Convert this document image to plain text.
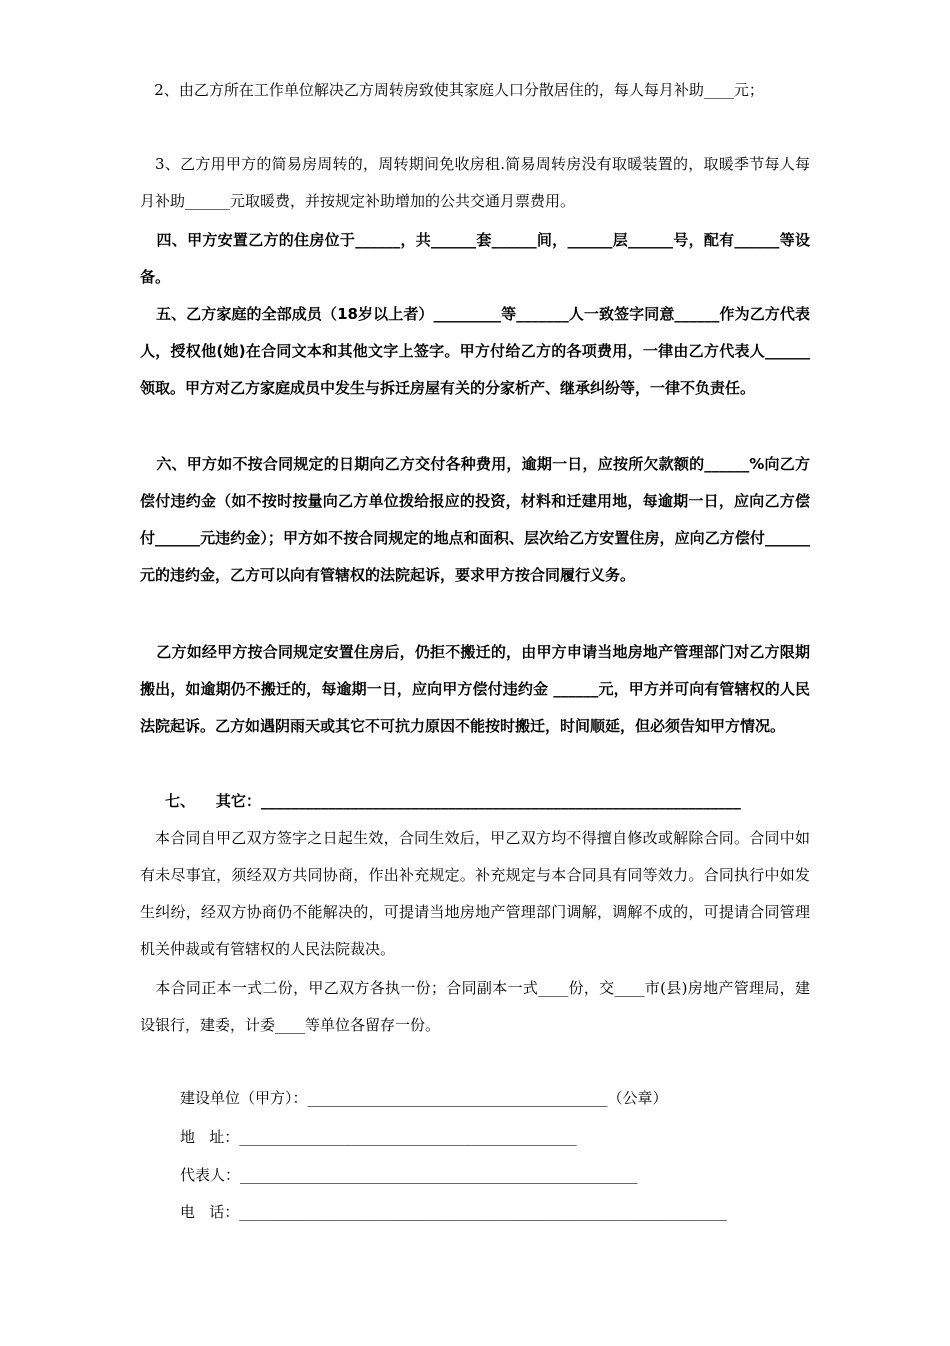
2、由乙方所在工作单位解决乙方周转房致使其家庭人口分散居住的，每人每月补助____元；
3、乙方用甲方的简易房周转的，周转期间免收房租.简易周转房没有取暖装置的，取暖季节每人每月补助______元取暖费，并按规定补助增加的公共交通月票费用。
四、甲方安置乙方的住房位于______，共______套______间，______层______号，配有______等设备。
五、乙方家庭的全部成员（18岁以上者）_________等_______人一致签字同意______作为乙方代表人，授权他(她)在合同文本和其他文字上签字。甲方付给乙方的各项费用，一律由乙方代表人______领取。甲方对乙方家庭成员中发生与拆迁房屋有关的分家析产、继承纠纷等，一律不负责任。
六、甲方如不按合同规定的日期向乙方交付各种费用，逾期一日，应按所欠款额的______%向乙方偿付违约金（如不按时按量向乙方单位拨给报应的投资，材料和迁建用地，每逾期一日，应向乙方偿付______元违约金）；甲方如不按合同规定的地点和面积、层次给乙方安置住房，应向乙方偿付______元的违约金，乙方可以向有管辖权的法院起诉，要求甲方按合同履行义务。
乙方如经甲方按合同规定安置住房后，仍拒不搬迁的，由甲方申请当地房地产管理部门对乙方限期搬出，如逾期仍不搬迁的，每逾期一日，应向甲方偿付违约金 ______元，甲方并可向有管辖权的人民法院起诉。乙方如遇阴雨天或其它不可抗力原因不能按时搬迁，时间顺延，但必须告知甲方情况。
七、    其它：________________________________________________________________
本合同自甲乙双方签字之日起生效，合同生效后，甲乙双方均不得擅自修改或解除合同。合同中如有未尽事宜，须经双方共同协商，作出补充规定。补充规定与本合同具有同等效力。合同执行中如发生纠纷，经双方协商仍不能解决的，可提请当地房地产管理部门调解，调解不成的，可提请合同管理机关仲裁或有管辖权的人民法院裁决。
本合同正本一式二份，甲乙双方各执一份；合同副本一式____份，交____市(县)房地产管理局，建设银行，建委，计委____等单位各留存一份。
建设单位（甲方）：________________________________________（公章）
地   址：_____________________________________________
代表人：_____________________________________________________
电   话：_________________________________________________________________
